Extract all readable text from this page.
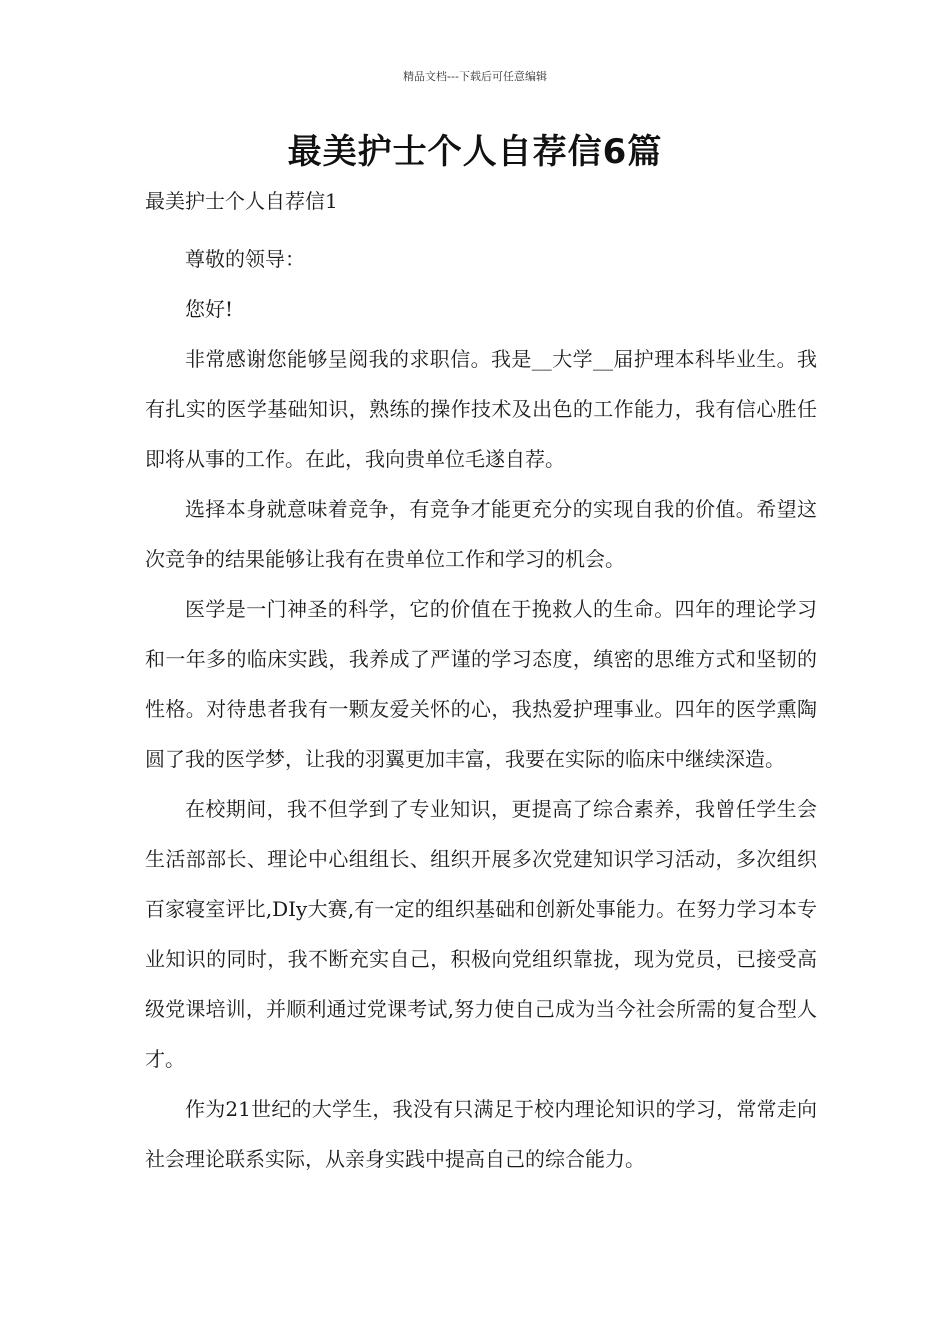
精品文档---下载后可任意编辑
最美护士个人自荐信6篇
最美护士个人自荐信1

尊敬的领导：

您好!

非常感谢您能够呈阅我的求职信。我是__大学__届护理本科毕业生。我有扎实的医学基础知识，熟练的操作技术及出色的工作能力，我有信心胜任即将从事的工作。在此，我向贵单位毛遂自荐。

选择本身就意味着竞争，有竞争才能更充分的实现自我的价值。希望这次竞争的结果能够让我有在贵单位工作和学习的机会。

医学是一门神圣的科学，它的价值在于挽救人的生命。四年的理论学习和一年多的临床实践，我养成了严谨的学习态度，缜密的思维方式和坚韧的性格。对待患者我有一颗友爱关怀的心，我热爱护理事业。四年的医学熏陶圆了我的医学梦，让我的羽翼更加丰富，我要在实际的临床中继续深造。

在校期间，我不但学到了专业知识，更提高了综合素养，我曾任学生会生活部部长、理论中心组组长、组织开展多次党建知识学习活动，多次组织百家寝室评比,DIy大赛,有一定的组织基础和创新处事能力。在努力学习本专业知识的同时，我不断充实自己，积极向党组织靠拢，现为党员，已接受高级党课培训，并顺利通过党课考试,努力使自己成为当今社会所需的复合型人才。

作为21世纪的大学生，我没有只满足于校内理论知识的学习，常常走向社会理论联系实际，从亲身实践中提高自己的综合能力。
